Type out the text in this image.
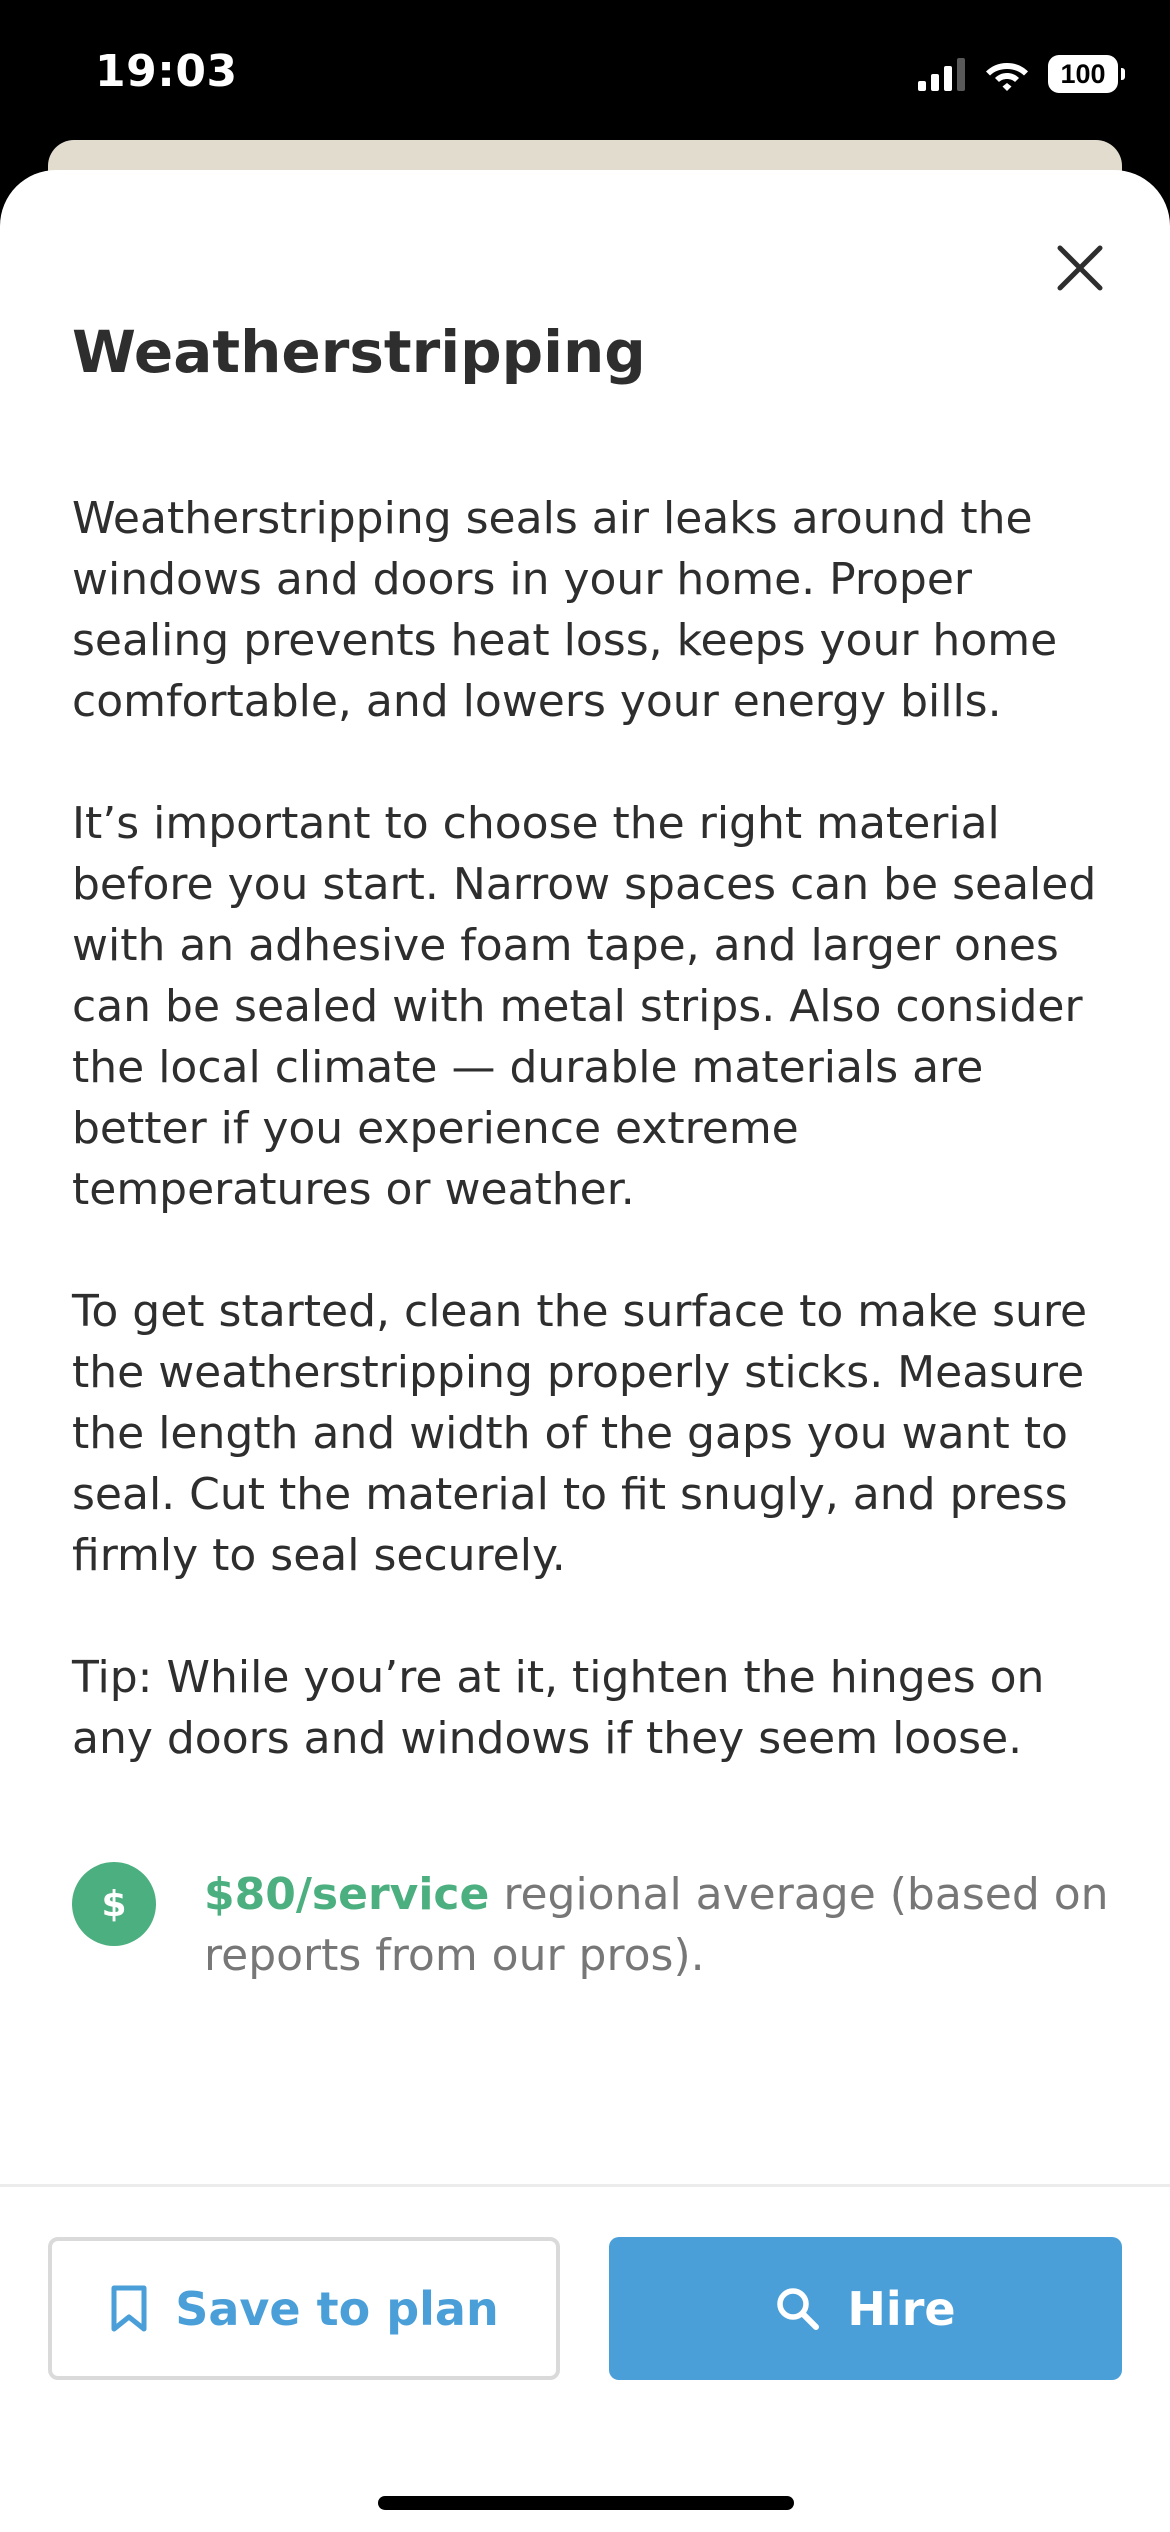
19:03	100
Weatherstripping

Weatherstripping seals air leaks around the windows and doors in your home. Proper sealing prevents heat loss, keeps your home comfortable, and lowers your energy bills.

It’s important to choose the right material before you start. Narrow spaces can be sealed with an adhesive foam tape, and larger ones can be sealed with metal strips. Also consider the local climate — durable materials are better if you experience extreme temperatures or weather.

To get started, clean the surface to make sure the weatherstripping properly sticks. Measure the length and width of the gaps you want to seal. Cut the material to fit snugly, and press firmly to seal securely.

Tip: While you’re at it, tighten the hinges on any doors and windows if they seem loose.

$	$80/service regional average (based on reports from our pros).
Save to plan	Hire
